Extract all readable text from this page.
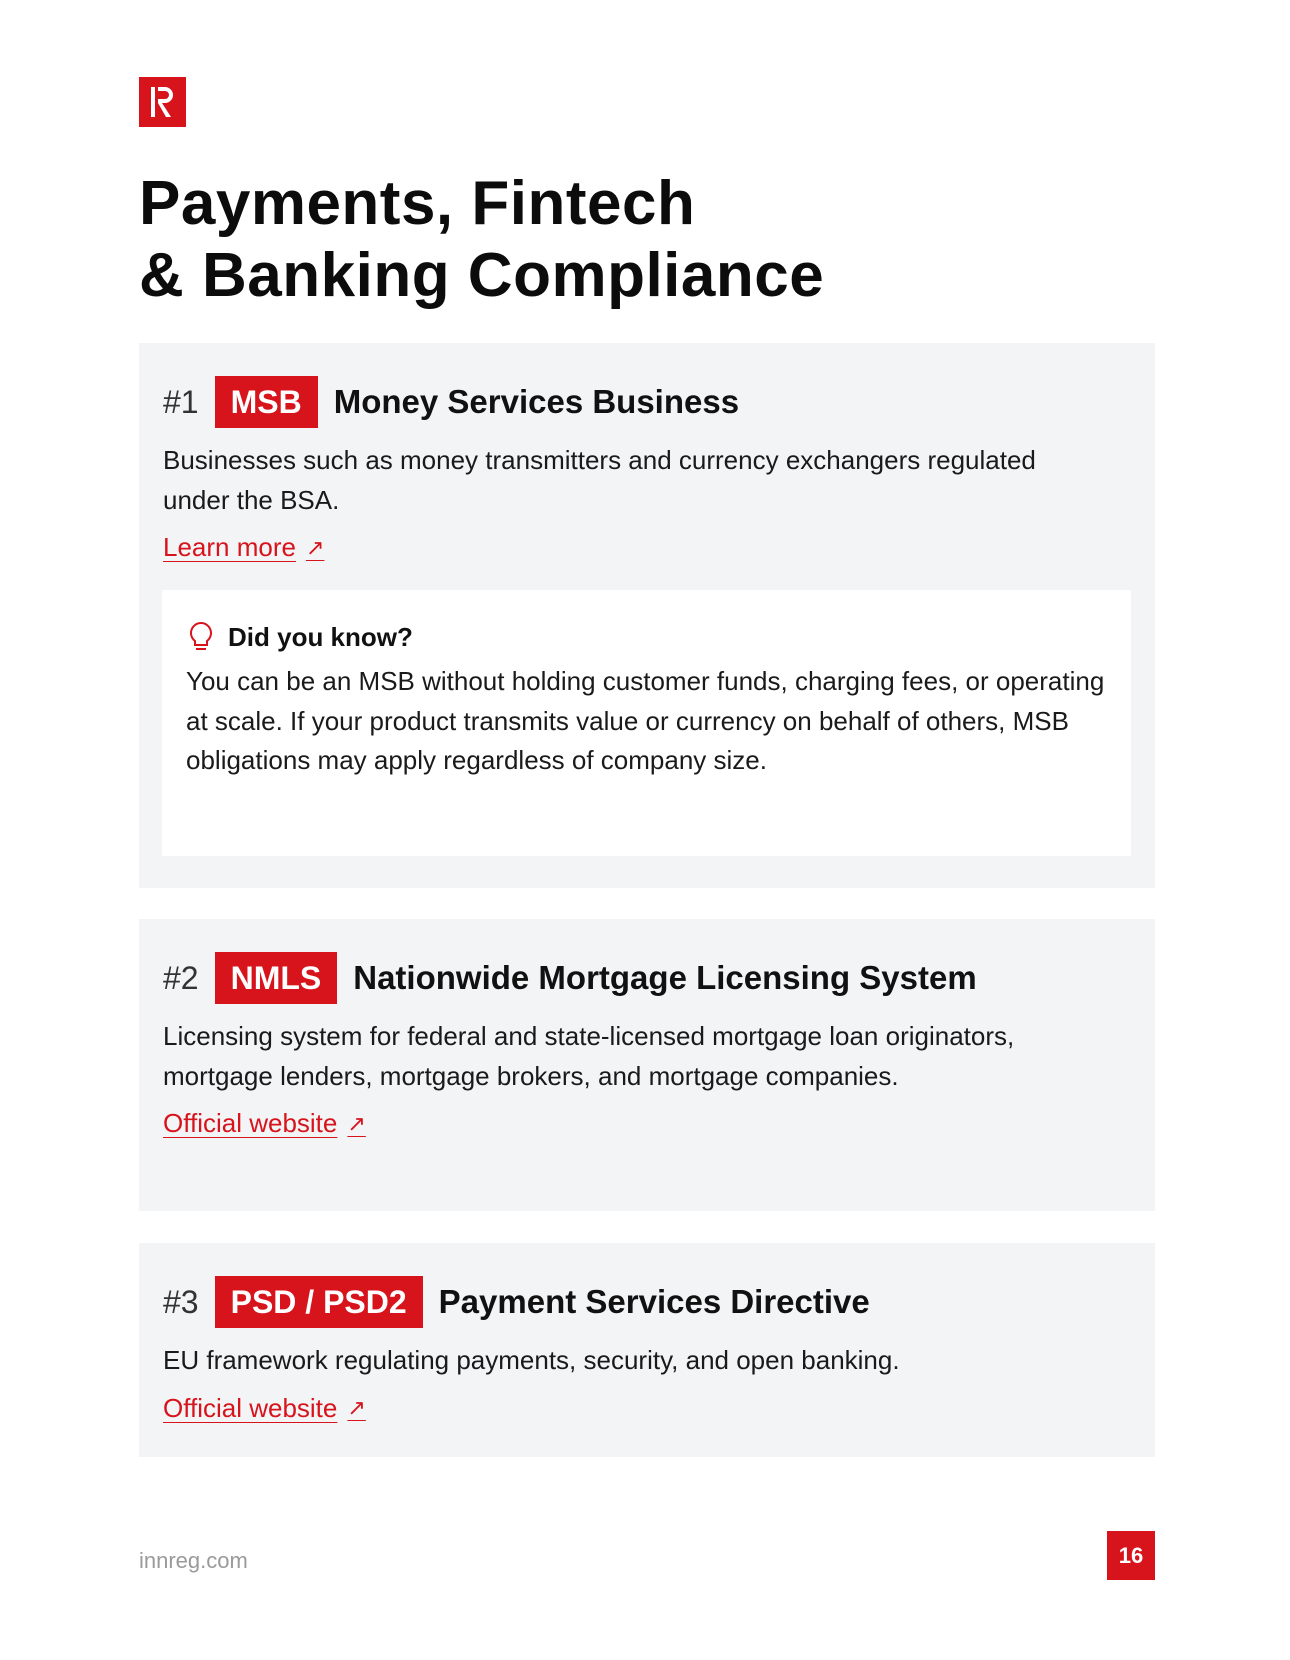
Payments, Fintech
& Banking Compliance
#1	MSB Money Services Business
Businesses such as money transmitters and currency exchangers regulated under the BSA.
Learn more ↗
Did you know?
You can be an MSB without holding customer funds, charging fees, or operating at scale. If your product transmits value or currency on behalf of others, MSB obligations may apply regardless of company size.
#2	NMLS Nationwide Mortgage Licensing System
Licensing system for federal and state-licensed mortgage loan originators, mortgage lenders, mortgage brokers, and mortgage companies.
Official website ↗
#3	PSD / PSD2 Payment Services Directive
EU framework regulating payments, security, and open banking.
Official website ↗
innreg.com	16
